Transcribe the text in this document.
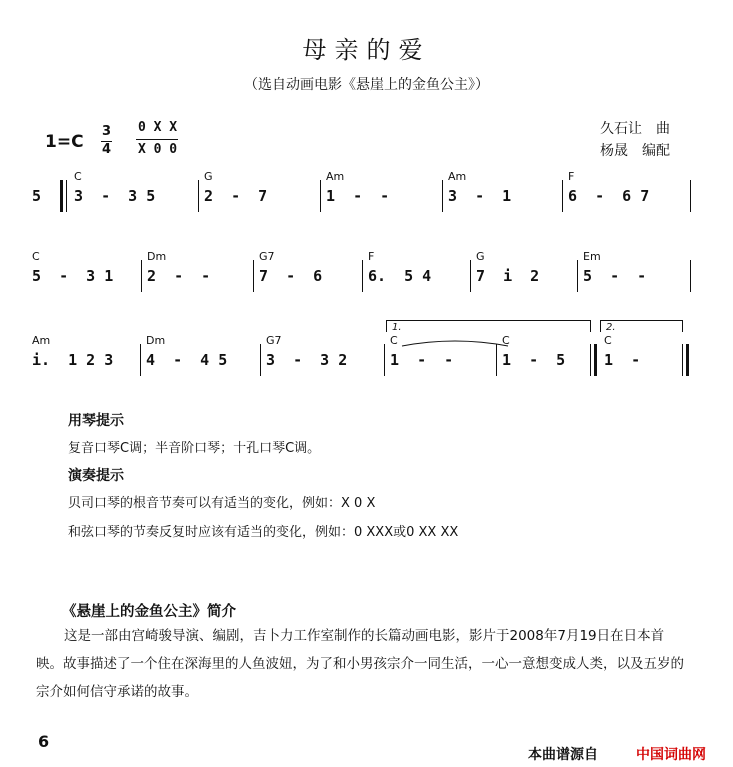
母亲的爱
（选自动画电影《悬崖上的金鱼公主》）
1=C
3
4
0 X X
X 0 0
久石让　曲
杨晟　编配
5
C
3  -  3 5
G
2  -  7
Am
1  -  -
Am
3  -  1
F
6  -  6 7
C
5  -  3 1
Dm
2  -  -
G7
7  -  6
F
6.  5 4
G
7  i  2
Em
5  -  -
1.	2.
Am
i.  1 2 3
Dm
4  -  4 5
G7
3  -  3 2
C
1  -  -
C
1  -  5
C
1  -
用琴提示
复音口琴C调；半音阶口琴；十孔口琴C调。
演奏提示
贝司口琴的根音节奏可以有适当的变化，例如：X 0 X
和弦口琴的节奏反复时应该有适当的变化，例如：0 XXX或0 XX XX
《悬崖上的金鱼公主》简介
这是一部由宫崎骏导演、编剧，吉卜力工作室制作的长篇动画电影，影片于2008年7月19日在日本首映。故事描述了一个住在深海里的人鱼波妞，为了和小男孩宗介一同生活，一心一意想变成人类，以及五岁的宗介如何信守承诺的故事。
6
本曲谱源自	中国词曲网
